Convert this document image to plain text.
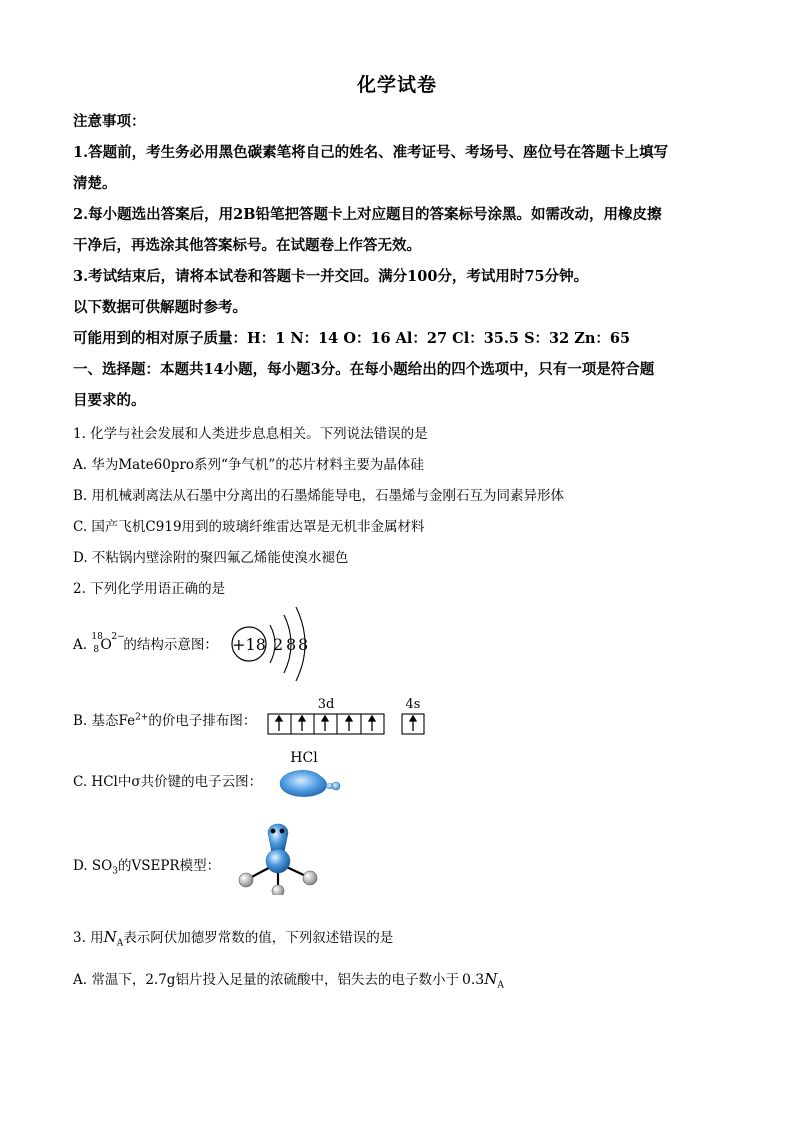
化学试卷
注意事项：
1.答题前，考生务必用黑色碳素笔将自己的姓名、准考证号、考场号、座位号在答题卡上填写
清楚。
2.每小题选出答案后，用2B铅笔把答题卡上对应题目的答案标号涂黑。如需改动，用橡皮擦
干净后，再选涂其他答案标号。在试题卷上作答无效。
3.考试结束后，请将本试卷和答题卡一并交回。满分100分，考试用时75分钟。
以下数据可供解题时参考。
可能用到的相对原子质量：H：1 N：14 O：16 Al：27 Cl：35.5 S：32 Zn：65
一、选择题：本题共14小题，每小题3分。在每小题给出的四个选项中，只有一项是符合题
目要求的。
1. 化学与社会发展和人类进步息息相关。下列说法错误的是
A. 华为Mate60pro系列“争气机”的芯片材料主要为晶体硅
B. 用机械剥离法从石墨中分离出的石墨烯能导电，石墨烯与金刚石互为同素异形体
C. 国产飞机C919用到的玻璃纤维雷达罩是无机非金属材料
D. 不粘锅内壁涂附的聚四氟乙烯能使溴水褪色
2. 下列化学用语正确的是
A.
18
8 O 2−
的结构示意图： +18 2 8 8
B. 基态$Fe^{2+}$的价电子排布图：
3d	4s
C. HCl中σ共价键的电子云图：
HCl
D. $SO_3$的VSEPR模型：
3. 用$N_A$表示阿伏加德罗常数的值，下列叙述错误的是
A. 常温下，2.7g铝片投入足量的浓硫酸中，铝失去的电子数小于 $0.3N_A$
